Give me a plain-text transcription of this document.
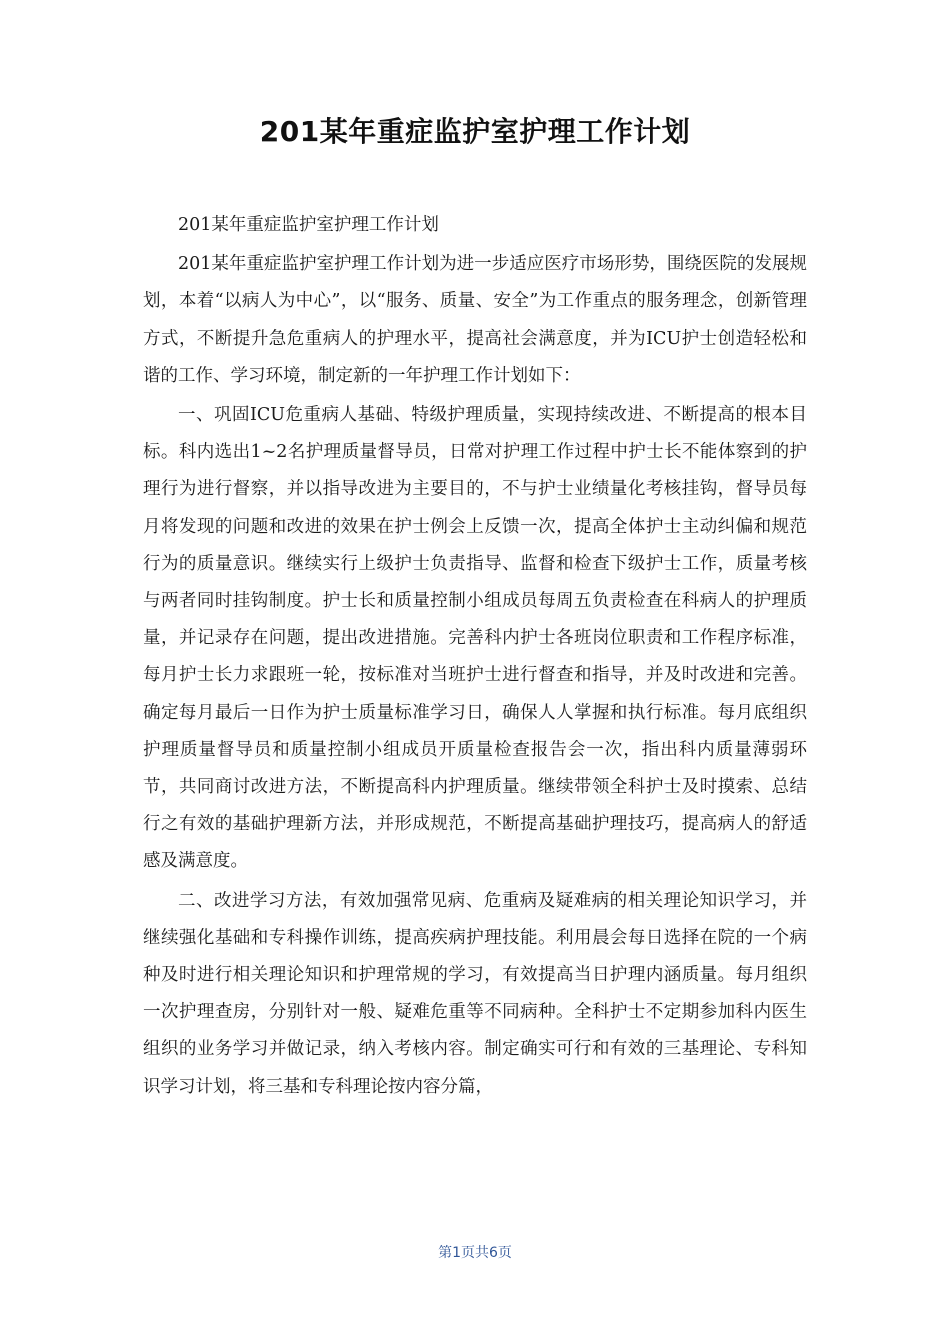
201某年重症监护室护理工作计划

201某年重症监护室护理工作计划

201某年重症监护室护理工作计划为进一步适应医疗市场形势，围绕医院的发展规划，本着“以病人为中心”，以“服务、质量、安全”为工作重点的服务理念，创新管理方式，不断提升急危重病人的护理水平，提高社会满意度，并为ICU护士创造轻松和谐的工作、学习环境，制定新的一年护理工作计划如下：

一、巩固ICU危重病人基础、特级护理质量，实现持续改进、不断提高的根本目标。科内选出1~2名护理质量督导员，日常对护理工作过程中护士长不能体察到的护理行为进行督察，并以指导改进为主要目的，不与护士业绩量化考核挂钩，督导员每月将发现的问题和改进的效果在护士例会上反馈一次，提高全体护士主动纠偏和规范行为的质量意识。继续实行上级护士负责指导、监督和检查下级护士工作，质量考核与两者同时挂钩制度。护士长和质量控制小组成员每周五负责检查在科病人的护理质量，并记录存在问题，提出改进措施。完善科内护士各班岗位职责和工作程序标准，每月护士长力求跟班一轮，按标准对当班护士进行督查和指导，并及时改进和完善。确定每月最后一日作为护士质量标准学习日，确保人人掌握和执行标准。每月底组织护理质量督导员和质量控制小组成员开质量检查报告会一次，指出科内质量薄弱环节，共同商讨改进方法，不断提高科内护理质量。继续带领全科护士及时摸索、总结行之有效的基础护理新方法，并形成规范，不断提高基础护理技巧，提高病人的舒适感及满意度。

二、改进学习方法，有效加强常见病、危重病及疑难病的相关理论知识学习，并继续强化基础和专科操作训练，提高疾病护理技能。利用晨会每日选择在院的一个病种及时进行相关理论知识和护理常规的学习，有效提高当日护理内涵质量。每月组织一次护理查房，分别针对一般、疑难危重等不同病种。全科护士不定期参加科内医生组织的业务学习并做记录，纳入考核内容。制定确实可行和有效的三基理论、专科知识学习计划，将三基和专科理论按内容分篇，

第1页共6页
